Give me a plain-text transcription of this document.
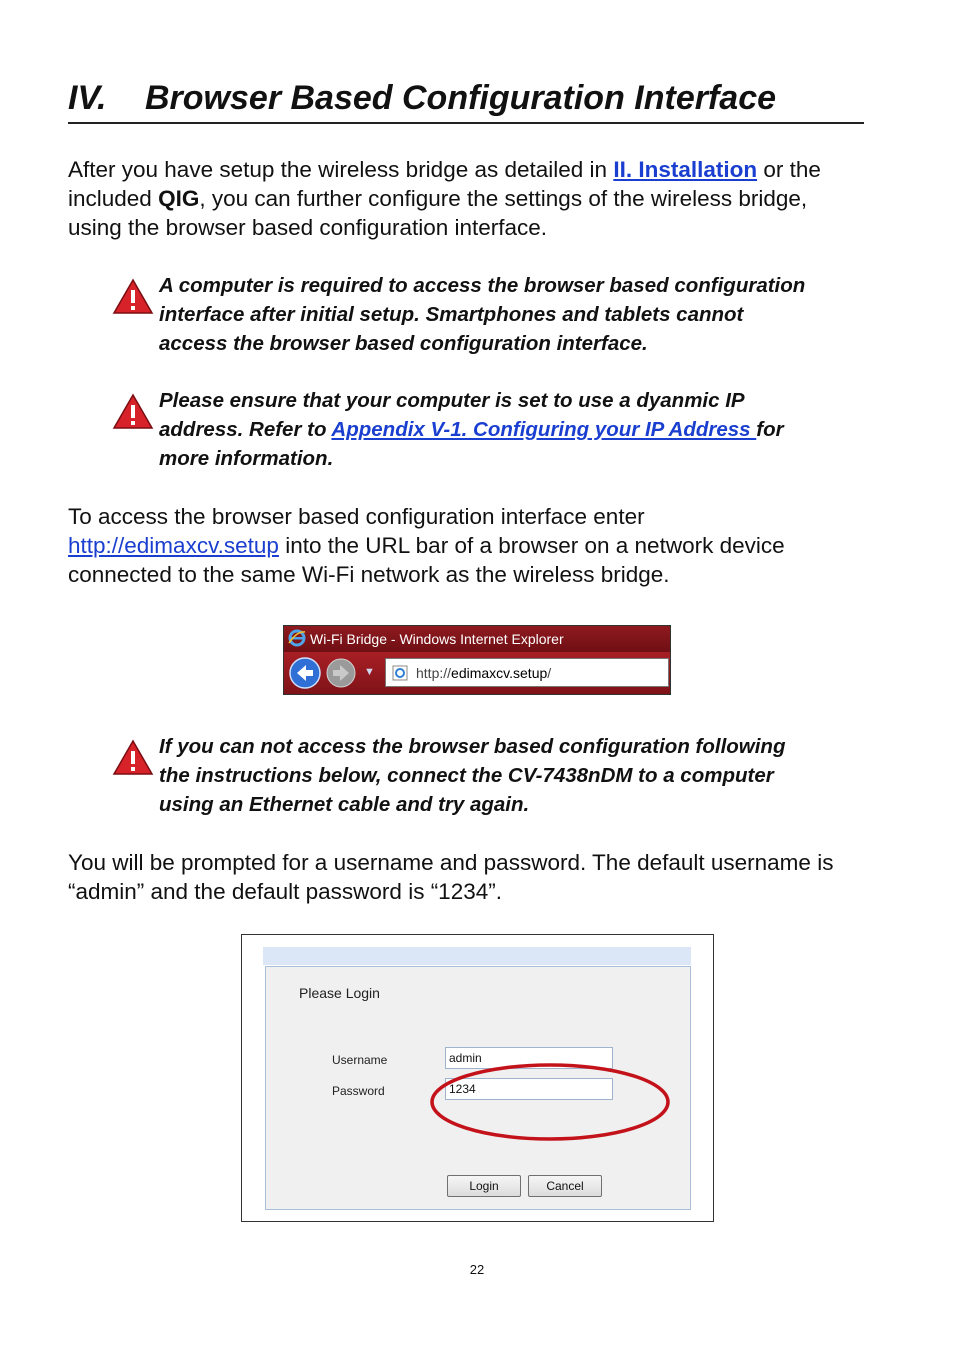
IV. Browser Based Configuration Interface
After you have setup the wireless bridge as detailed in II. Installation or the
included QIG, you can further configure the settings of the wireless bridge,
using the browser based configuration interface.
A computer is required to access the browser based configuration
interface after initial setup. Smartphones and tablets cannot
access the browser based configuration interface.
Please ensure that your computer is set to use a dyanmic IP
address. Refer to Appendix V-1. Configuring your IP Address for
more information.
To access the browser based configuration interface enter
http://edimaxcv.setup into the URL bar of a browser on a network device
connected to the same Wi-Fi network as the wireless bridge.
Wi-Fi Bridge - Windows Internet Explorer
▼	http://edimaxcv.setup/
If you can not access the browser based configuration following
the instructions below, connect the CV-7438nDM to a computer
using an Ethernet cable and try again.
You will be prompted for a username and password. The default username is
“admin” and the default password is “1234”.
Please Login
Username
Password
admin
1234
Login	Cancel
22
